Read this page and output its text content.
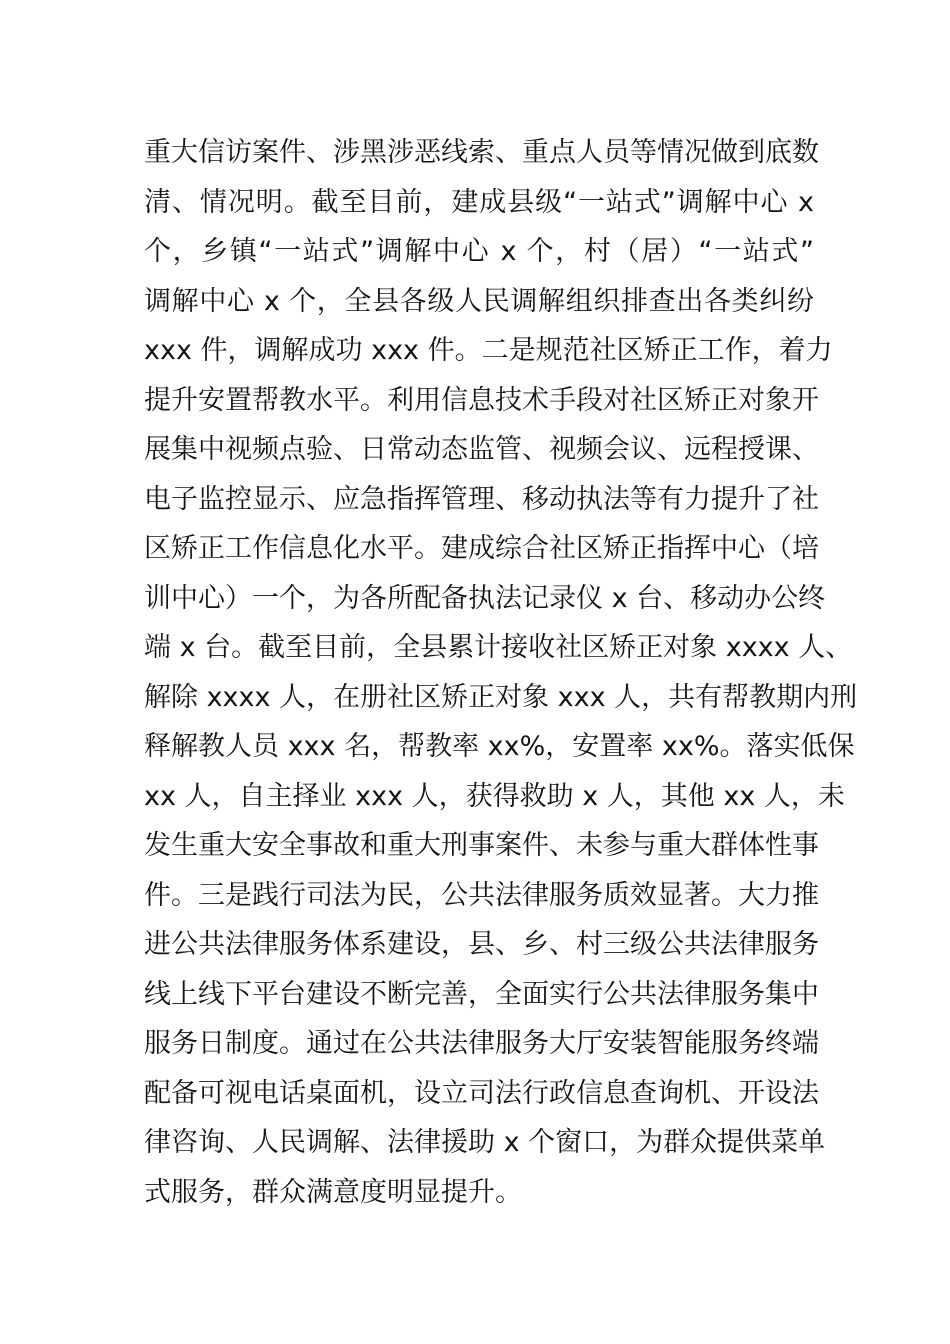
重大信访案件、涉黑涉恶线索、重点人员等情况做到底数
清、情况明。截至目前，建成县级“一站式”调解中心 x
个，乡镇“一站式”调解中心 x 个，村（居）“一站式”
调解中心 x 个，全县各级人民调解组织排查出各类纠纷
xxx 件，调解成功 xxx 件。二是规范社区矫正工作，着力
提升安置帮教水平。利用信息技术手段对社区矫正对象开
展集中视频点验、日常动态监管、视频会议、远程授课、
电子监控显示、应急指挥管理、移动执法等有力提升了社
区矫正工作信息化水平。建成综合社区矫正指挥中心（培
训中心）一个，为各所配备执法记录仪 x 台、移动办公终
端 x 台。截至目前，全县累计接收社区矫正对象 xxxx 人、
解除 xxxx 人，在册社区矫正对象 xxx 人，共有帮教期内刑
释解教人员 xxx 名，帮教率 xx%，安置率 xx%。落实低保
xx 人，自主择业 xxx 人，获得救助 x 人，其他 xx 人，未
发生重大安全事故和重大刑事案件、未参与重大群体性事
件。三是践行司法为民，公共法律服务质效显著。大力推
进公共法律服务体系建设，县、乡、村三级公共法律服务
线上线下平台建设不断完善，全面实行公共法律服务集中
服务日制度。通过在公共法律服务大厅安装智能服务终端
配备可视电话桌面机，设立司法行政信息查询机、开设法
律咨询、人民调解、法律援助 x 个窗口，为群众提供菜单
式服务，群众满意度明显提升。
